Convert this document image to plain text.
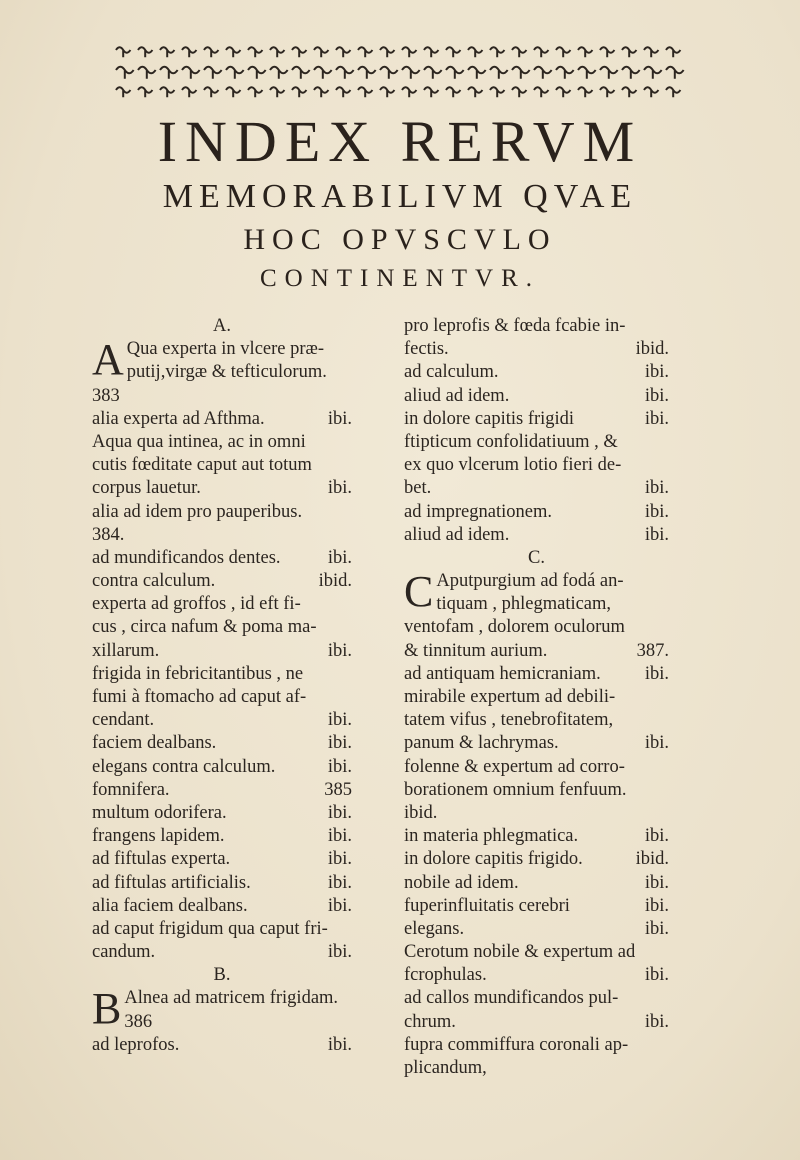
INDEX RERVM
MEMORABILIVM QVAE
HOC OPVSCVLO
CONTINENTVR.
A.
A Qua experta in vlcere præ-
putij,virgæ & tefticulorum.
383
alia experta ad Afthma.	ibi.
Aqua qua intinea, ac in omni
cutis fœditate caput aut totum
corpus lauetur.	ibi.
alia ad idem pro pauperibus.
384.
ad mundificandos dentes.	ibi.
contra calculum.	ibid.
experta ad groffos , id eft fi-
cus , circa nafum & poma ma-
xillarum.	ibi.
frigida in febricitantibus , ne
fumi à ftomacho ad caput af-
cendant.	ibi.
faciem dealbans.	ibi.
elegans contra calculum.	ibi.
fomnifera.	385
multum odorifera.	ibi.
frangens lapidem.	ibi.
ad fiftulas experta.	ibi.
ad fiftulas artificialis.	ibi.
alia faciem dealbans.	ibi.
ad caput frigidum qua caput fri-
candum.	ibi.
B.
B Alnea ad matricem frigidam.
386
ad leprofos.	ibi.
pro leprofis & fœda fcabie in-
fectis.	ibid.
ad calculum.	ibi.
aliud ad idem.	ibi.
in dolore capitis frigidi	ibi.
ftipticum confolidatiuum , &
ex quo vlcerum lotio fieri de-
bet.	ibi.
ad impregnationem.	ibi.
aliud ad idem.	ibi.
C.
C Aputpurgium ad fodá an-
tiquam , phlegmaticam,
ventofam , dolorem oculorum
& tinnitum aurium.	387.
ad antiquam hemicraniam.	ibi.
mirabile expertum ad debili-
tatem vifus , tenebrofitatem,
panum & lachrymas.	ibi.
folenne & expertum ad corro-
borationem omnium fenfuum.
ibid.
in materia phlegmatica.	ibi.
in dolore capitis frigido.	ibid.
nobile ad idem.	ibi.
fuperinfluitatis cerebri	ibi.
elegans.	ibi.
Cerotum nobile & expertum ad
fcrophulas.	ibi.
ad callos mundificandos pul-
chrum.	ibi.
fupra commiffura coronali ap-
plicandum,
